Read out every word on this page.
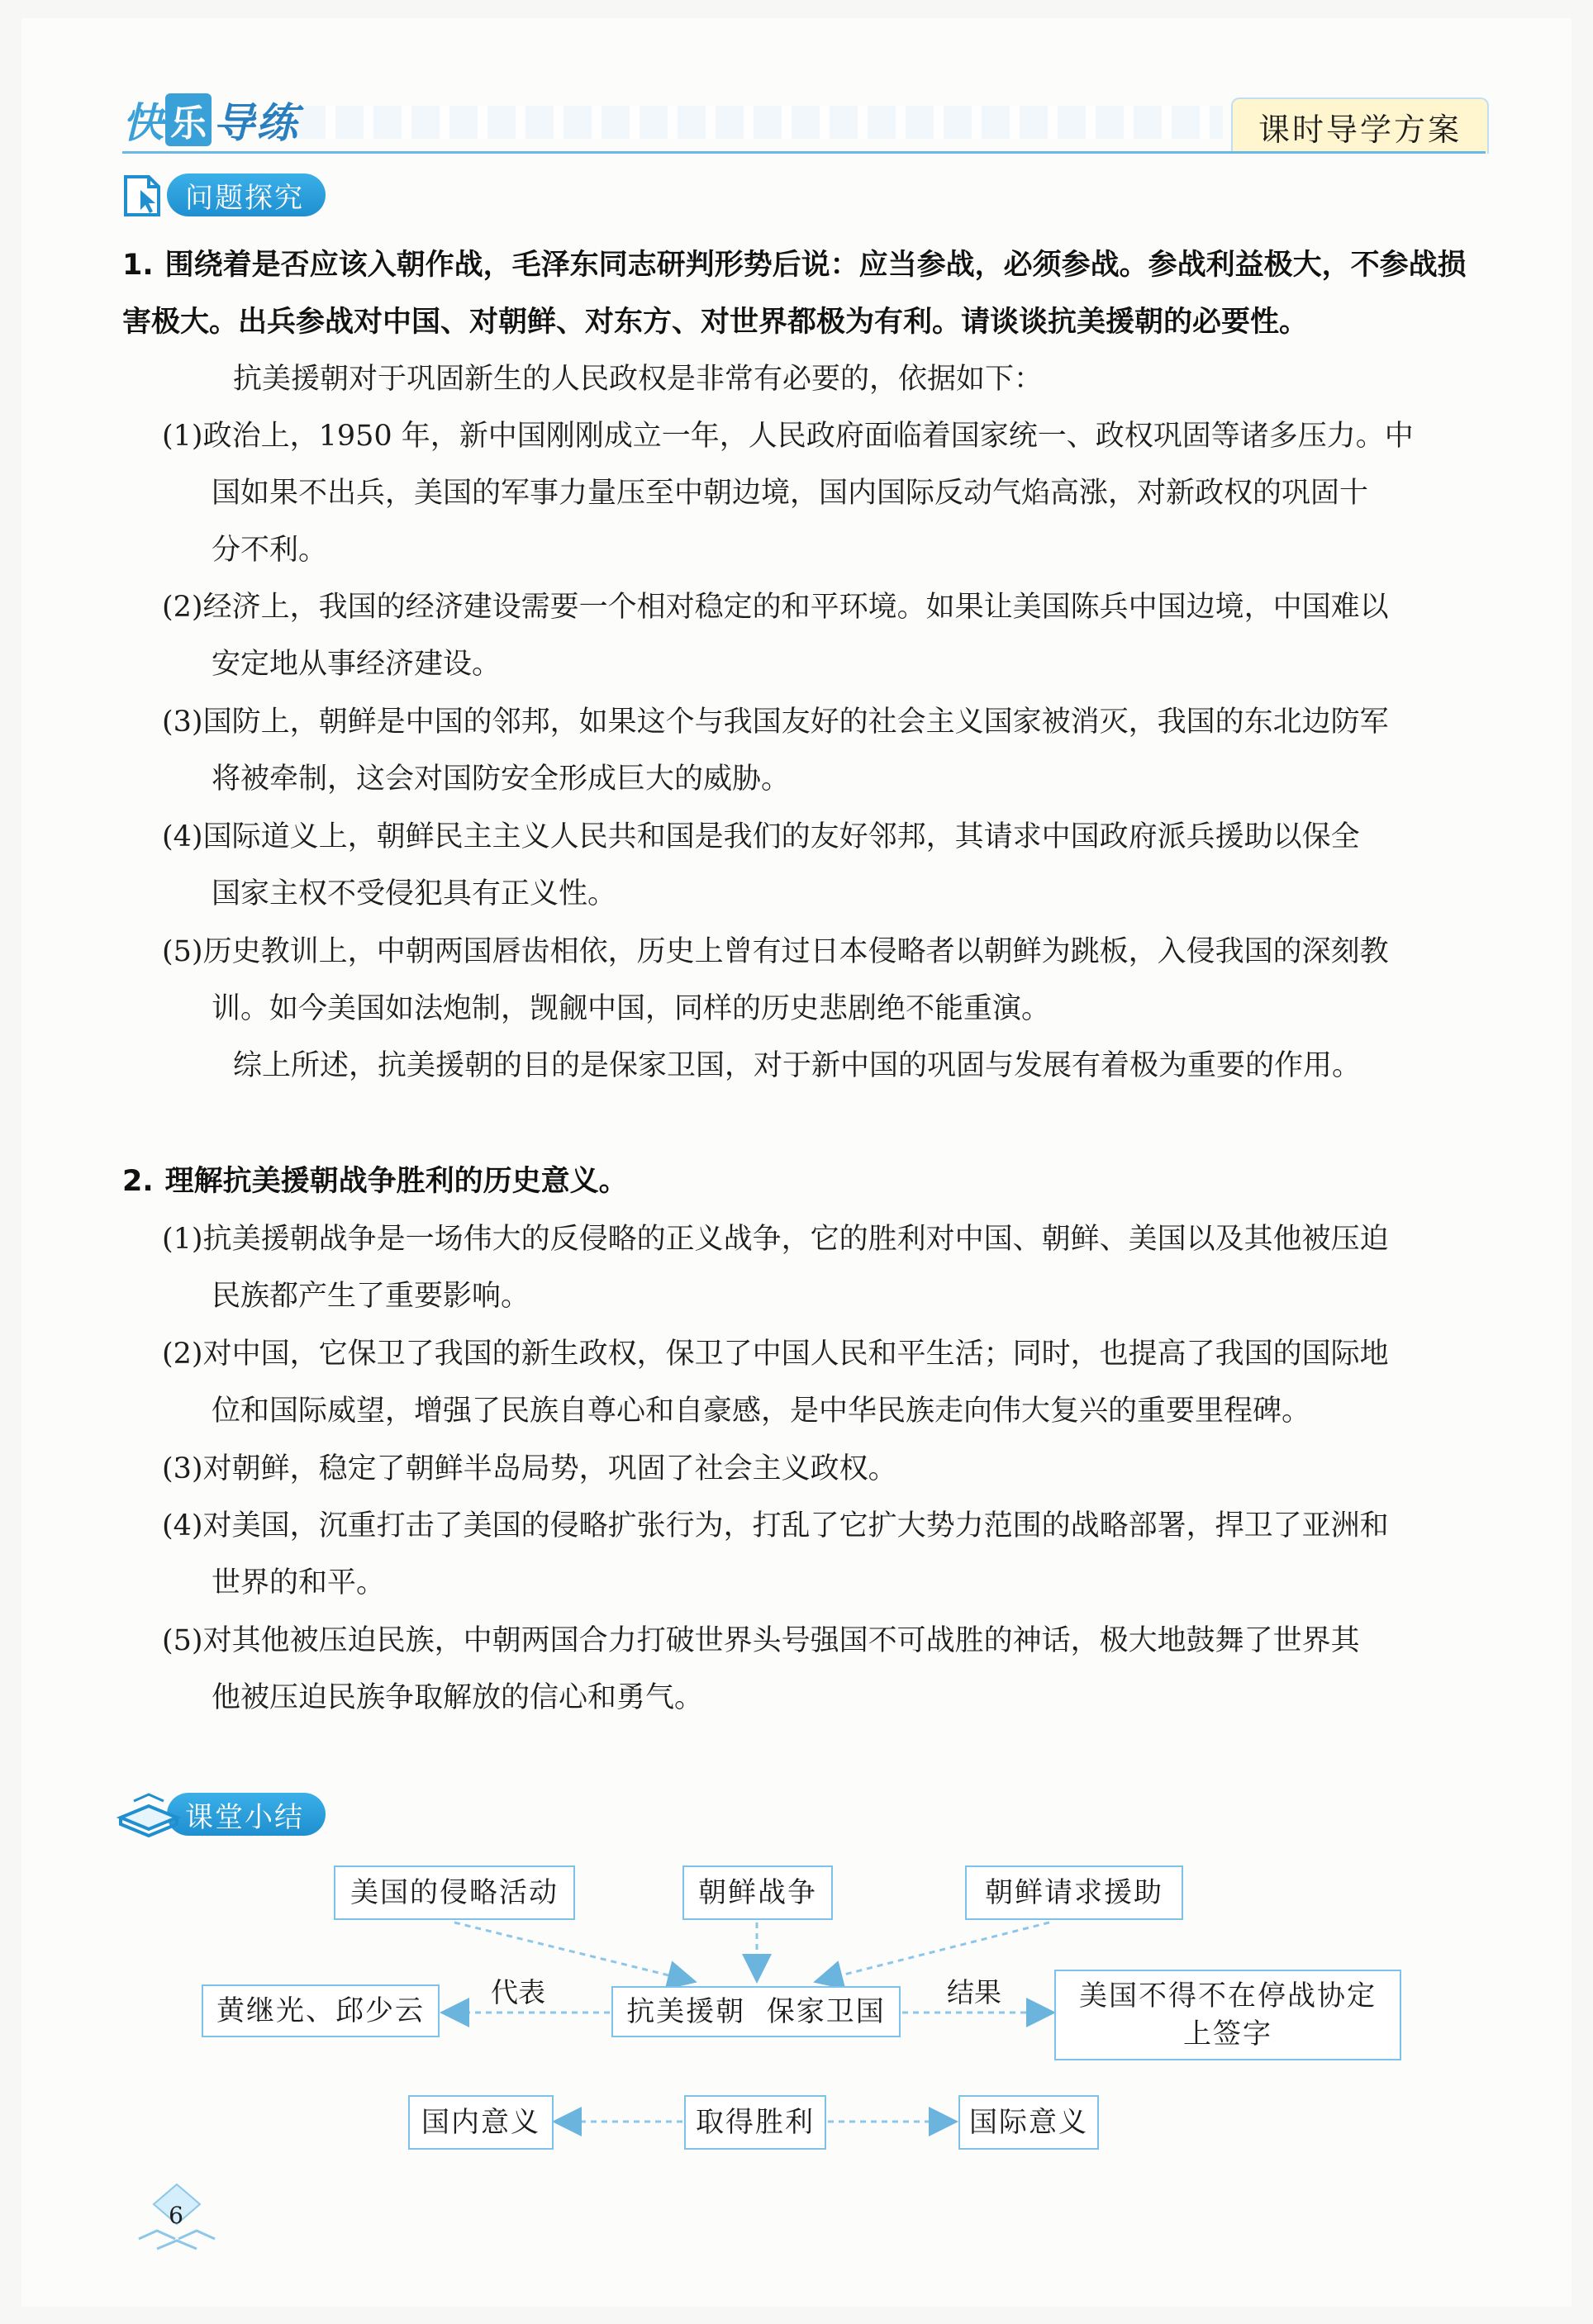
快 乐 导 练	课时导学方案
问题探究
1. 围绕着是否应该入朝作战，毛泽东同志研判形势后说：应当参战，必须参战。参战利益极大，不参战损害极大。出兵参战对中国、对朝鲜、对东方、对世界都极为有利。请谈谈抗美援朝的必要性。
抗美援朝对于巩固新生的人民政权是非常有必要的，依据如下：
(1)政治上，1950 年，新中国刚刚成立一年，人民政府面临着国家统一、政权巩固等诸多压力。中
国如果不出兵，美国的军事力量压至中朝边境，国内国际反动气焰高涨，对新政权的巩固十
分不利。
(2)经济上，我国的经济建设需要一个相对稳定的和平环境。如果让美国陈兵中国边境，中国难以
安定地从事经济建设。
(3)国防上，朝鲜是中国的邻邦，如果这个与我国友好的社会主义国家被消灭，我国的东北边防军
将被牵制，这会对国防安全形成巨大的威胁。
(4)国际道义上，朝鲜民主主义人民共和国是我们的友好邻邦，其请求中国政府派兵援助以保全
国家主权不受侵犯具有正义性。
(5)历史教训上，中朝两国唇齿相依，历史上曾有过日本侵略者以朝鲜为跳板，入侵我国的深刻教
训。如今美国如法炮制，觊觎中国，同样的历史悲剧绝不能重演。
综上所述，抗美援朝的目的是保家卫国，对于新中国的巩固与发展有着极为重要的作用。
2. 理解抗美援朝战争胜利的历史意义。
(1)抗美援朝战争是一场伟大的反侵略的正义战争，它的胜利对中国、朝鲜、美国以及其他被压迫
民族都产生了重要影响。
(2)对中国，它保卫了我国的新生政权，保卫了中国人民和平生活；同时，也提高了我国的国际地
位和国际威望，增强了民族自尊心和自豪感，是中华民族走向伟大复兴的重要里程碑。
(3)对朝鲜，稳定了朝鲜半岛局势，巩固了社会主义政权。
(4)对美国，沉重打击了美国的侵略扩张行为，打乱了它扩大势力范围的战略部署，捍卫了亚洲和
世界的和平。
(5)对其他被压迫民族，中朝两国合力打破世界头号强国不可战胜的神话，极大地鼓舞了世界其
他被压迫民族争取解放的信心和勇气。
课堂小结
美国的侵略活动	朝鲜战争	朝鲜请求援助
黄继光、邱少云	抗美援朝  保家卫国	美国不得不在停战协定
上签字
国内意义	取得胜利	国际意义
代表	结果
6
